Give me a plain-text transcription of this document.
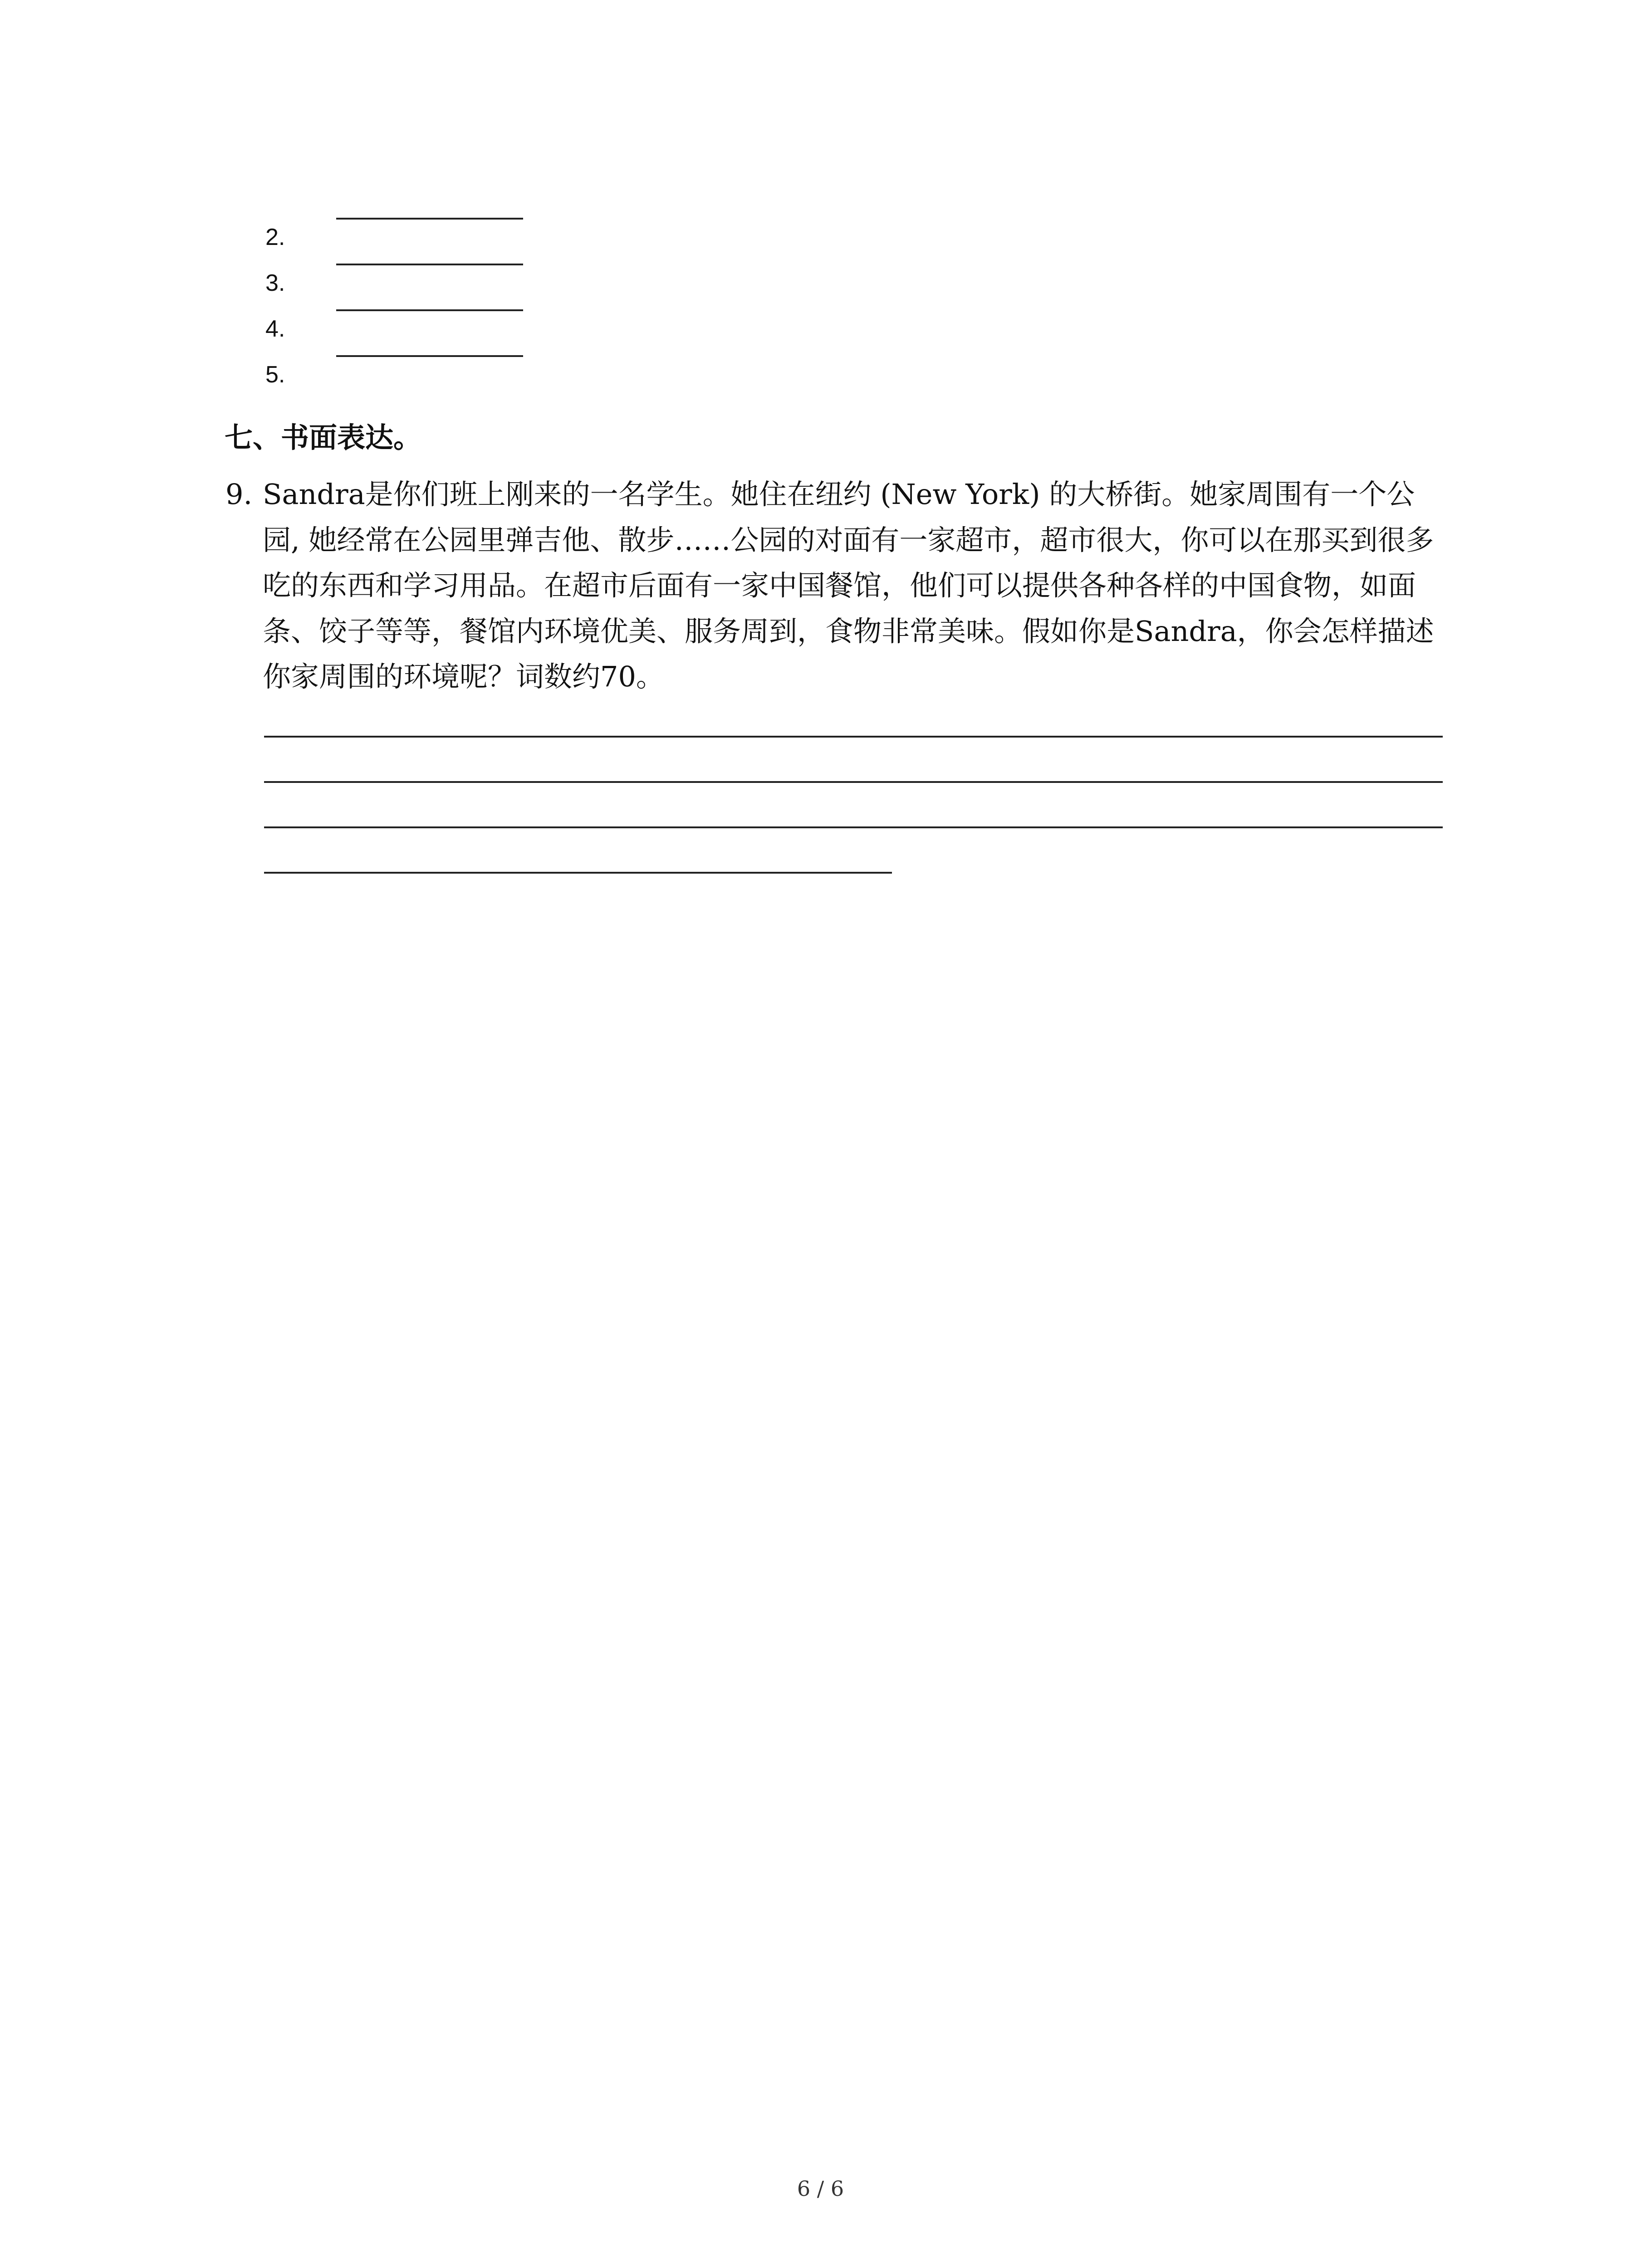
2.
3.
4.
5.
七、书面表达。
9. Sandra是你们班上刚来的一名学生。她住在纽约 (New York) 的大桥街。她家周围有一个公园, 她经常在公园里弹吉他、散步……公园的对面有一家超市，超市很大，你可以在那买到很多吃的东西和学习用品。在超市后面有一家中国餐馆，他们可以提供各种各样的中国食物，如面条、饺子等等，餐馆内环境优美、服务周到，食物非常美味。假如你是Sandra，你会怎样描述你家周围的环境呢？词数约70。
6 / 6
